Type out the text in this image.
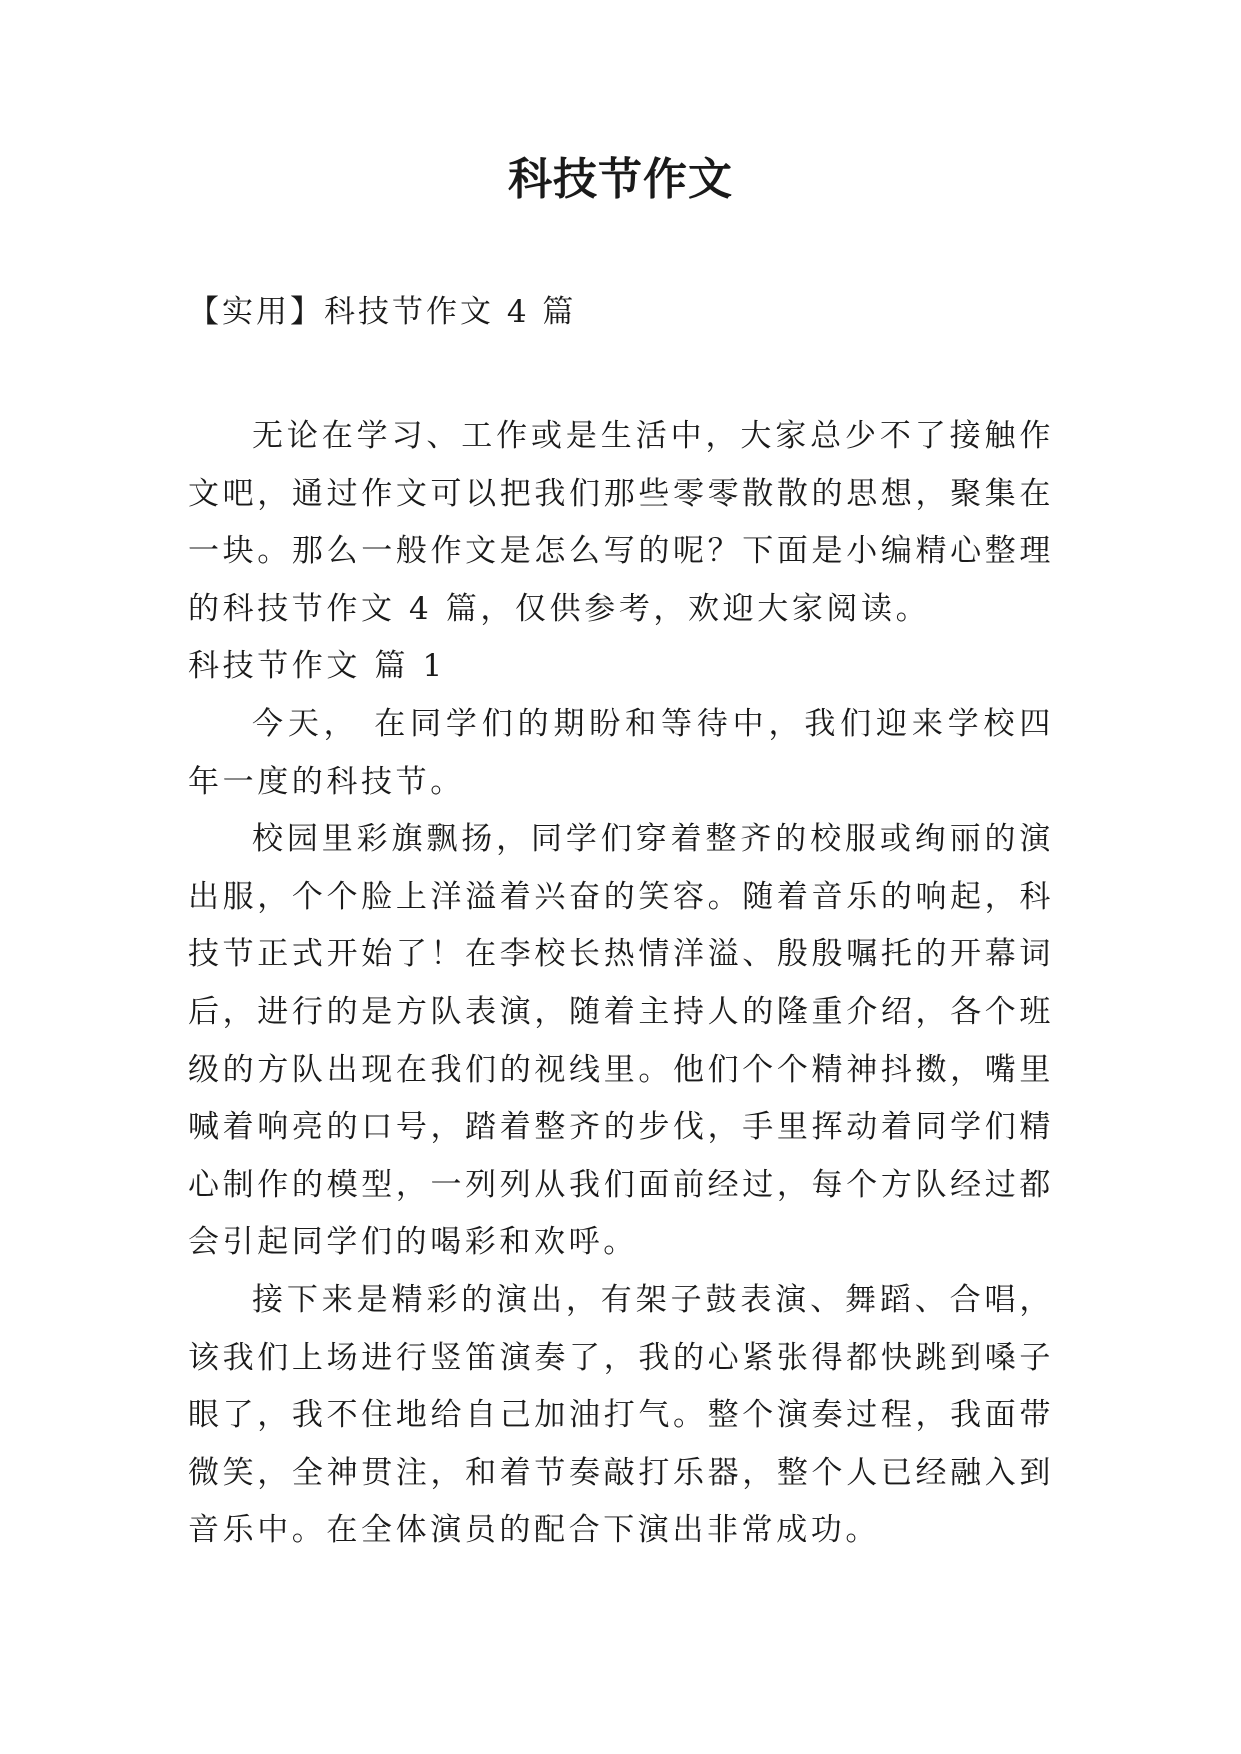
科技节作文
【实用】科技节作文 4 篇

无论在学习、工作或是生活中，大家总少不了接触作文吧，通过作文可以把我们那些零零散散的思想，聚集在一块。那么一般作文是怎么写的呢？下面是小编精心整理的科技节作文 4 篇，仅供参考，欢迎大家阅读。

科技节作文 篇 1

今天， 在同学们的期盼和等待中，我们迎来学校四年一度的科技节。

校园里彩旗飘扬，同学们穿着整齐的校服或绚丽的演出服，个个脸上洋溢着兴奋的笑容。随着音乐的响起，科技节正式开始了！在李校长热情洋溢、殷殷嘱托的开幕词后，进行的是方队表演，随着主持人的隆重介绍，各个班级的方队出现在我们的视线里。他们个个精神抖擞，嘴里喊着响亮的口号，踏着整齐的步伐，手里挥动着同学们精心制作的模型，一列列从我们面前经过，每个方队经过都会引起同学们的喝彩和欢呼。

接下来是精彩的演出，有架子鼓表演、舞蹈、合唱，该我们上场进行竖笛演奏了，我的心紧张得都快跳到嗓子眼了，我不住地给自己加油打气。整个演奏过程，我面带微笑，全神贯注，和着节奏敲打乐器，整个人已经融入到音乐中。在全体演员的配合下演出非常成功。
